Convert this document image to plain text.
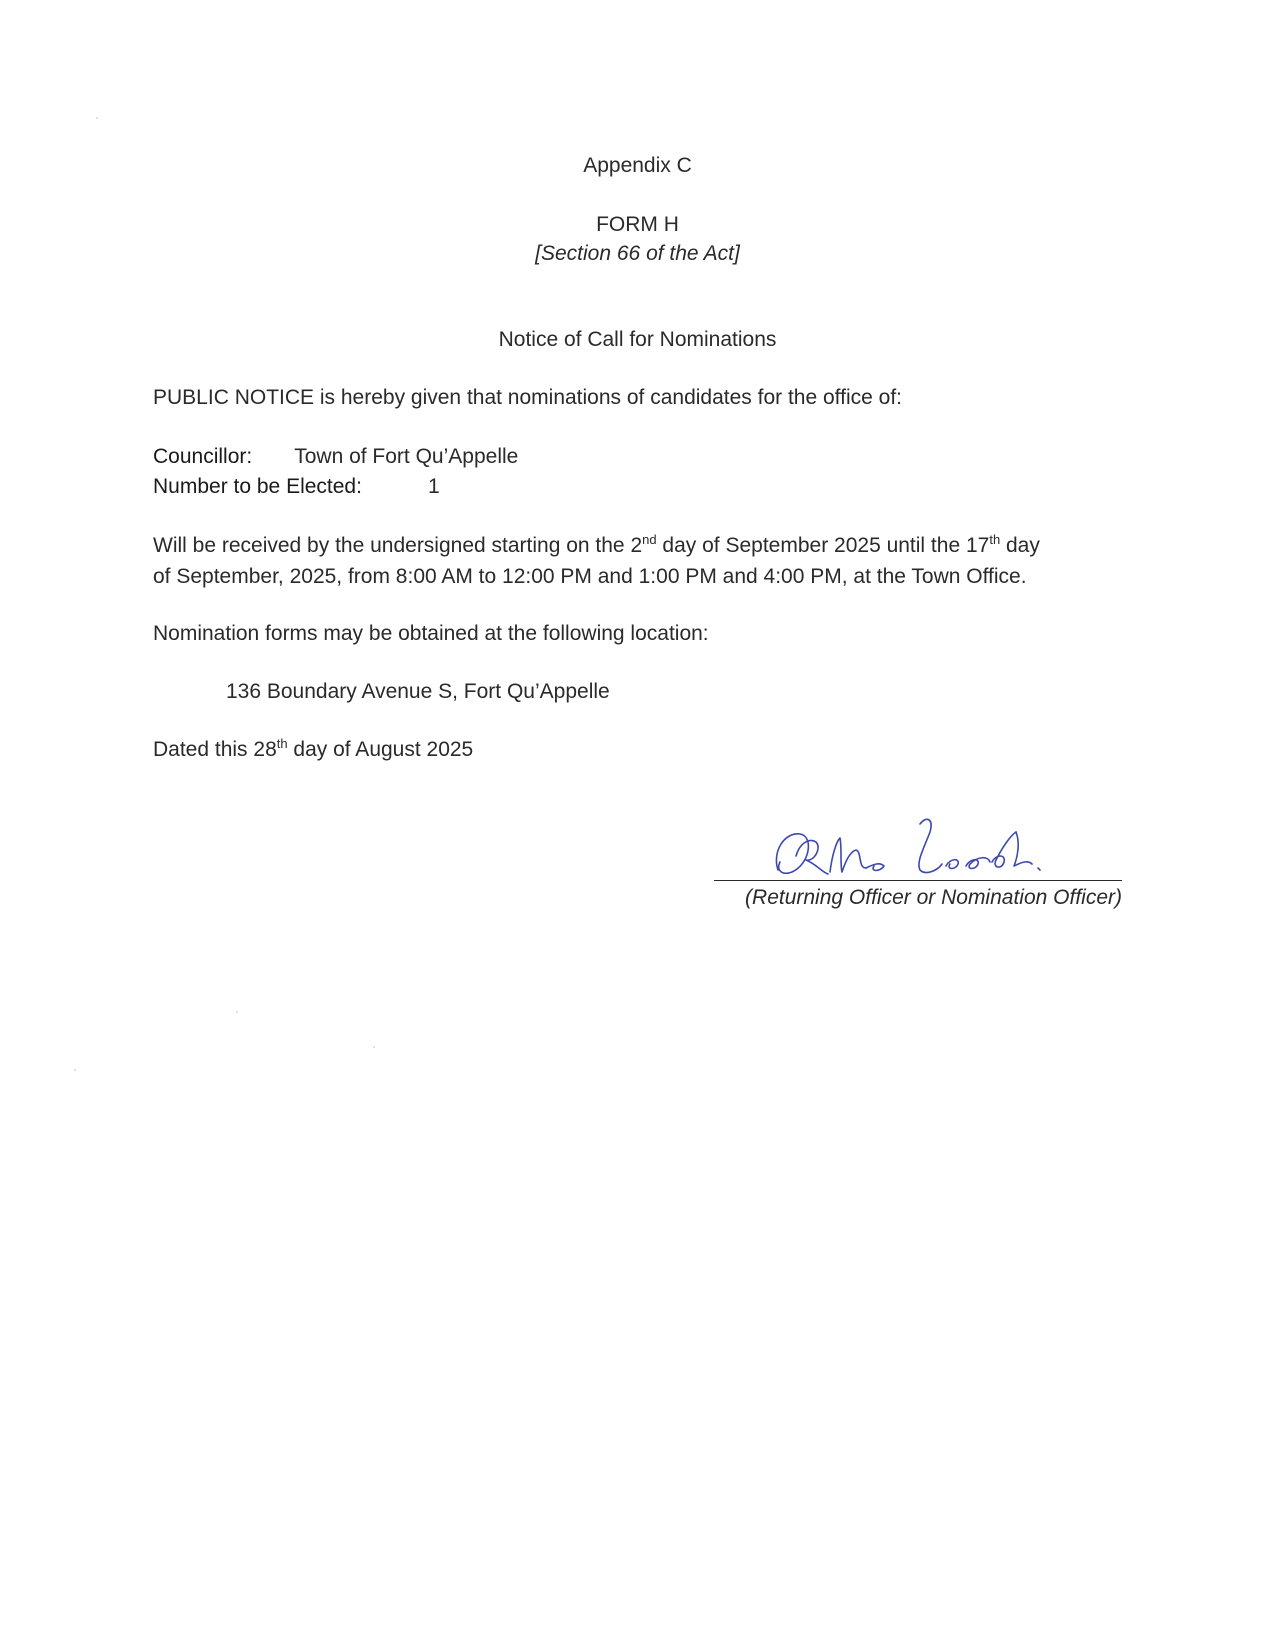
Appendix C
FORM H
[Section 66 of the Act]
Notice of Call for Nominations
PUBLIC NOTICE is hereby given that nominations of candidates for the office of:
Councillor: Town of Fort Qu’Appelle
Number to be Elected:	1
Will be received by the undersigned starting on the 2nd day of September 2025 until the 17th day
of September, 2025, from 8:00 AM to 12:00 PM and 1:00 PM and 4:00 PM, at the Town Office.
Nomination forms may be obtained at the following location:
136 Boundary Avenue S, Fort Qu’Appelle
Dated this 28th day of August 2025
(Returning Officer or Nomination Officer)
